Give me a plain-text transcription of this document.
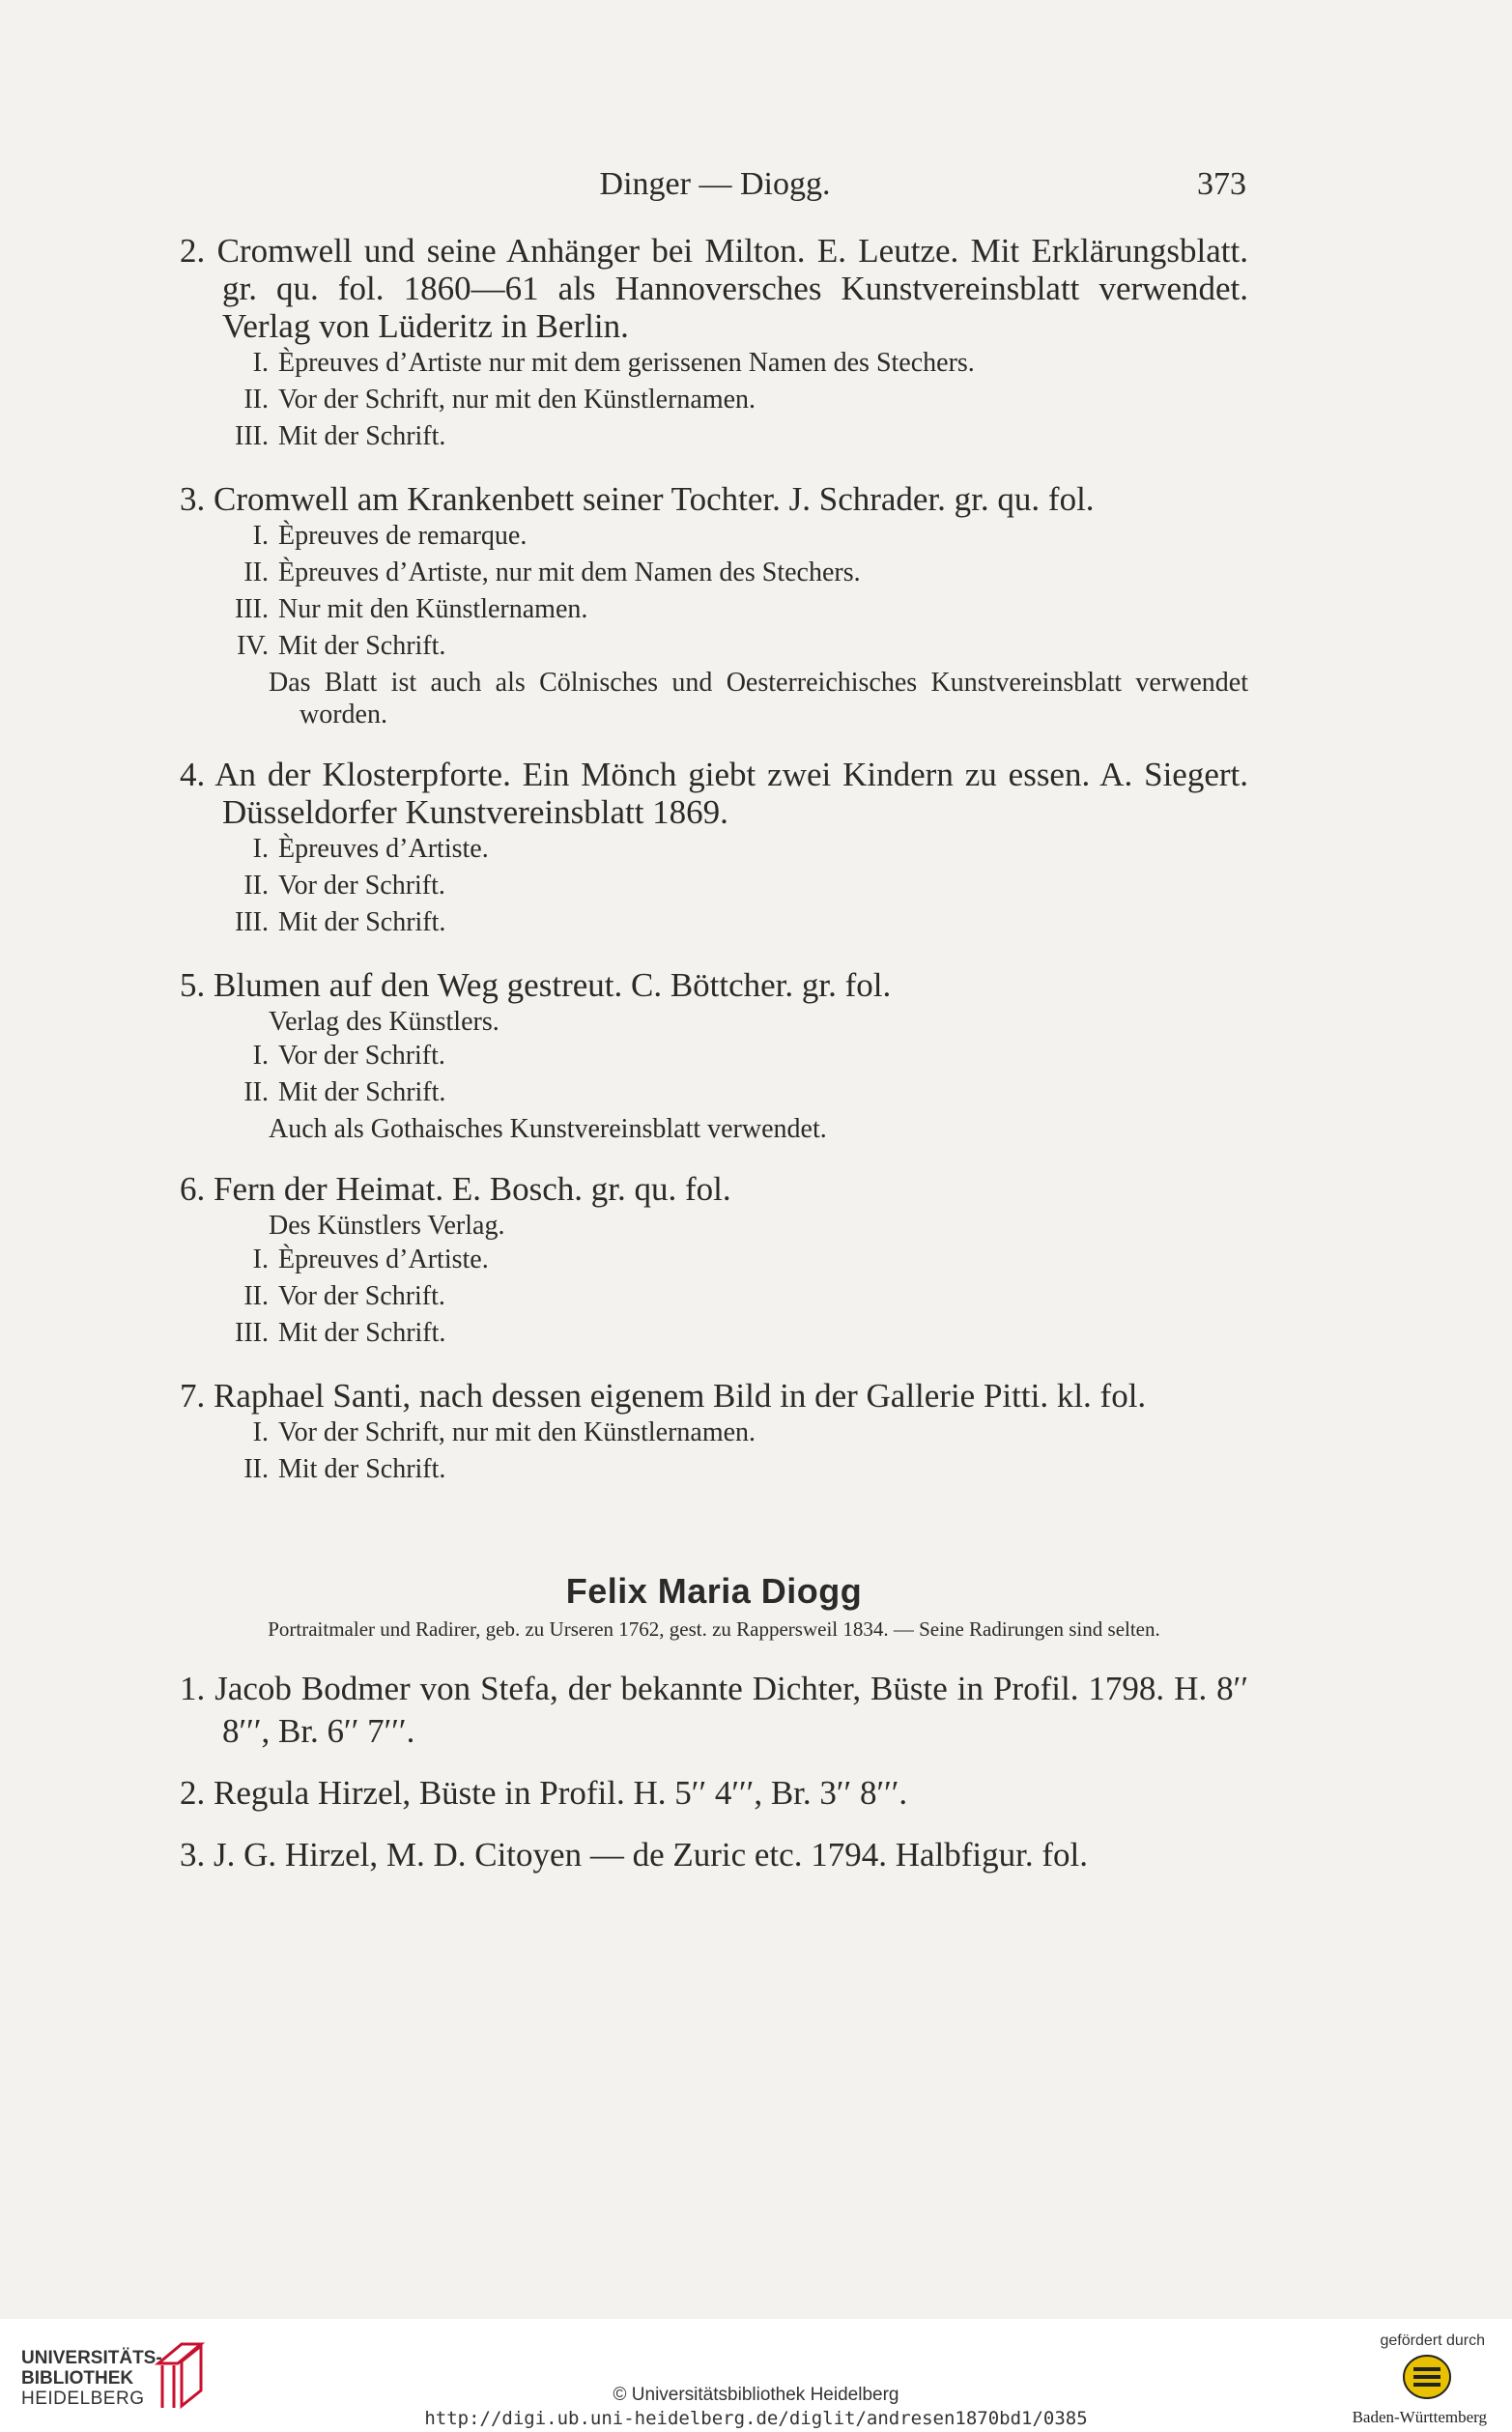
Dinger — Diogg.	373

2. Cromwell und seine Anhänger bei Milton. E. Leutze. Mit Erklärungsblatt. gr. qu. fol. 1860—61 als Hannoversches Kunstvereinsblatt verwendet. Verlag von Lüderitz in Berlin.

I. Èpreuves d’Artiste nur mit dem gerissenen Namen des Stechers.

II. Vor der Schrift, nur mit den Künstlernamen.

III. Mit der Schrift.

3. Cromwell am Krankenbett seiner Tochter. J. Schrader. gr. qu. fol.

I. Èpreuves de remarque.

II. Èpreuves d’Artiste, nur mit dem Namen des Stechers.

III. Nur mit den Künstlernamen.

IV. Mit der Schrift.

Das Blatt ist auch als Cölnisches und Oesterreichisches Kunstvereinsblatt verwendet worden.

4. An der Klosterpforte. Ein Mönch giebt zwei Kindern zu essen. A. Siegert. Düsseldorfer Kunstvereinsblatt 1869.

I. Èpreuves d’Artiste.

II. Vor der Schrift.

III. Mit der Schrift.

5. Blumen auf den Weg gestreut. C. Böttcher. gr. fol.

Verlag des Künstlers.

I. Vor der Schrift.

II. Mit der Schrift.

Auch als Gothaisches Kunstvereinsblatt verwendet.

6. Fern der Heimat. E. Bosch. gr. qu. fol.

Des Künstlers Verlag.

I. Èpreuves d’Artiste.

II. Vor der Schrift.

III. Mit der Schrift.

7. Raphael Santi, nach dessen eigenem Bild in der Gallerie Pitti. kl. fol.

I. Vor der Schrift, nur mit den Künstlernamen.

II. Mit der Schrift.

Felix Maria Diogg
Portraitmaler und Radirer, geb. zu Urseren 1762, gest. zu Rappersweil 1834. — Seine Radirungen sind selten.

1. Jacob Bodmer von Stefa, der bekannte Dichter, Büste in Profil. 1798. H. 8′′ 8′′′, Br. 6′′ 7′′′.

2. Regula Hirzel, Büste in Profil. H. 5′′ 4′′′, Br. 3′′ 8′′′.

3. J. G. Hirzel, M. D. Citoyen — de Zuric etc. 1794. Halbfigur. fol.

UNIVERSITÄTS-
BIBLIOTHEK
HEIDELBERG	© Universitätsbibliothek Heidelberg
http://digi.ub.uni-heidelberg.de/diglit/andresen1870bd1/0385
gefördert durch
Baden-Württemberg
